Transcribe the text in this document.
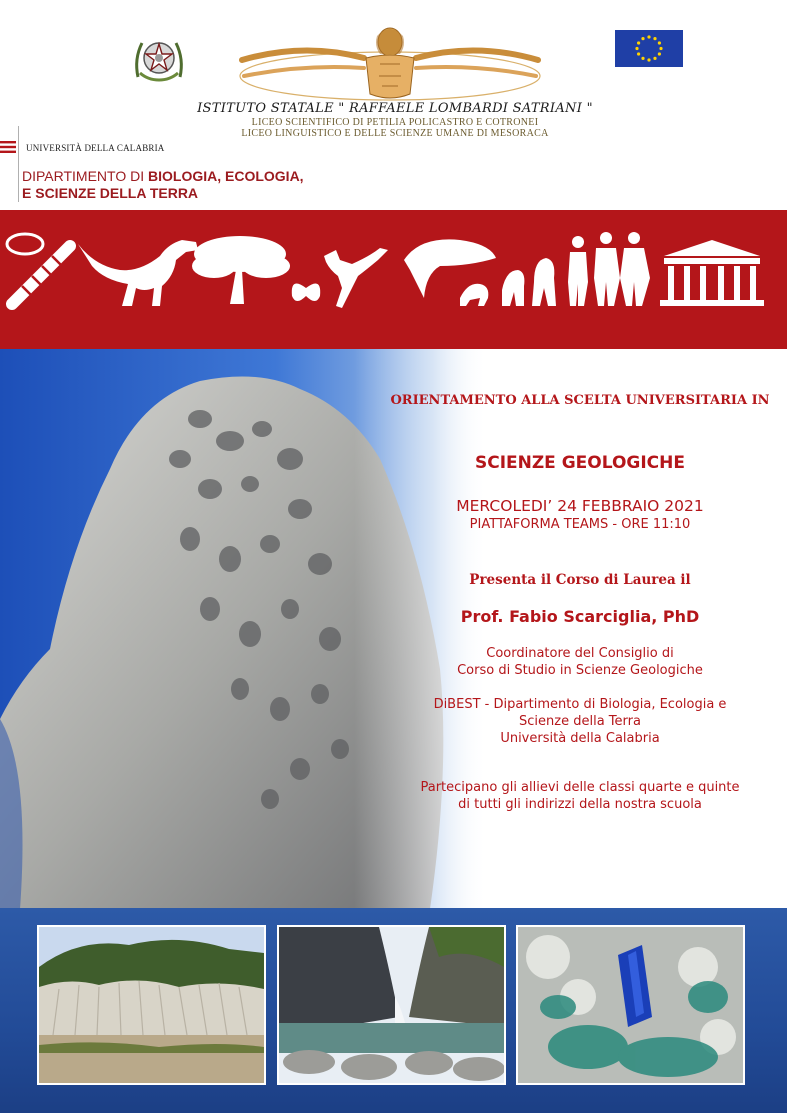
ISTITUTO STATALE " RAFFAELE LOMBARDI SATRIANI "
LICEO SCIENTIFICO DI PETILIA POLICASTRO E COTRONEI
LICEO LINGUISTICO E DELLE SCIENZE UMANE DI MESORACA
UNIVERSITÀ DELLA CALABRIA
DIPARTIMENTO DI BIOLOGIA, ECOLOGIA,
E SCIENZE DELLA TERRA
ORIENTAMENTO ALLA SCELTA UNIVERSITARIA IN
SCIENZE GEOLOGICHE
MERCOLEDI’ 24 FEBBRAIO 2021
PIATTAFORMA TEAMS - ORE 11:10
Presenta il Corso di Laurea il
Prof. Fabio Scarciglia, PhD
Coordinatore del Consiglio di
Corso di Studio in Scienze Geologiche
DiBEST - Dipartimento di Biologia, Ecologia e
Scienze della Terra
Università della Calabria
Partecipano gli allievi delle classi quarte e quinte
di tutti gli indirizzi della nostra scuola
